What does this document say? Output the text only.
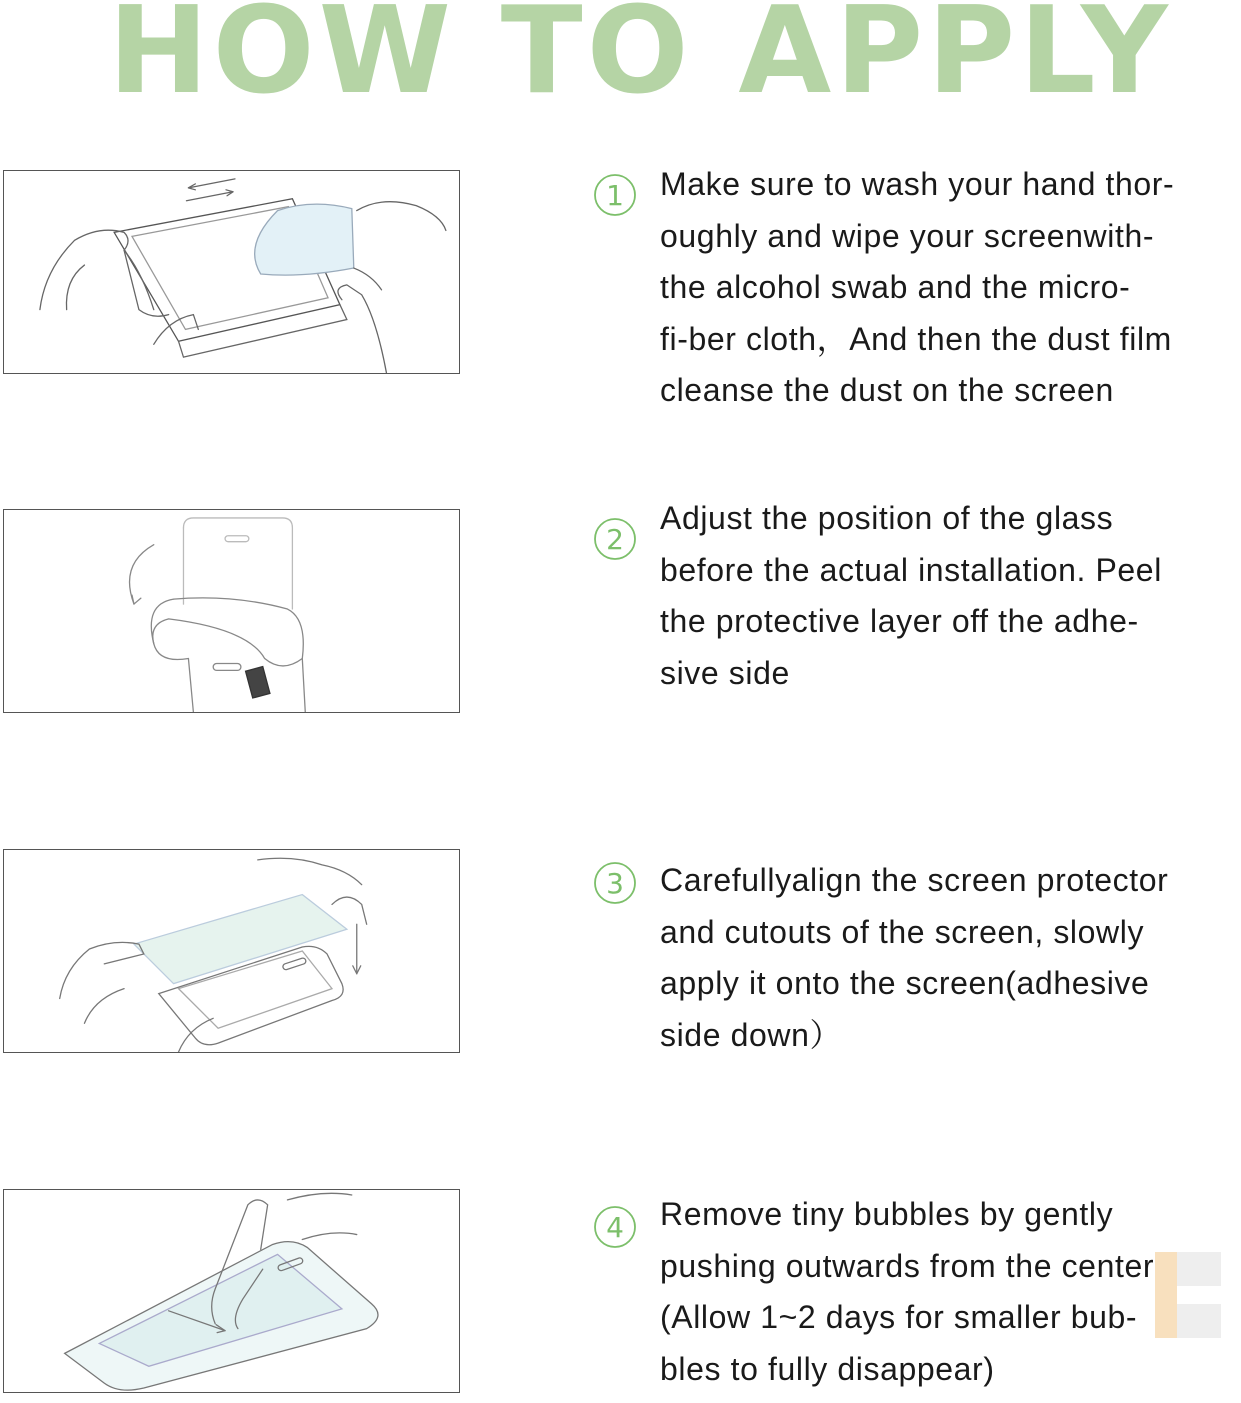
HOW TO APPLY
1 Make sure to wash your hand thor-
oughly and wipe your screenwith-
the alcohol swab and the micro-
fi-ber cloth，And then the dust film
cleanse the dust on the screen

2

Adjust the position of the glass
before the actual installation. Peel
the protective layer off the adhe-
sive side

3 Carefullyalign the screen protector
and cutouts of the screen, slowly
apply it onto the screen(adhesive
side down）

4 Remove tiny bubbles by gently
pushing outwards from the center
(Allow 1~2 days for smaller bub-
bles to fully disappear)
